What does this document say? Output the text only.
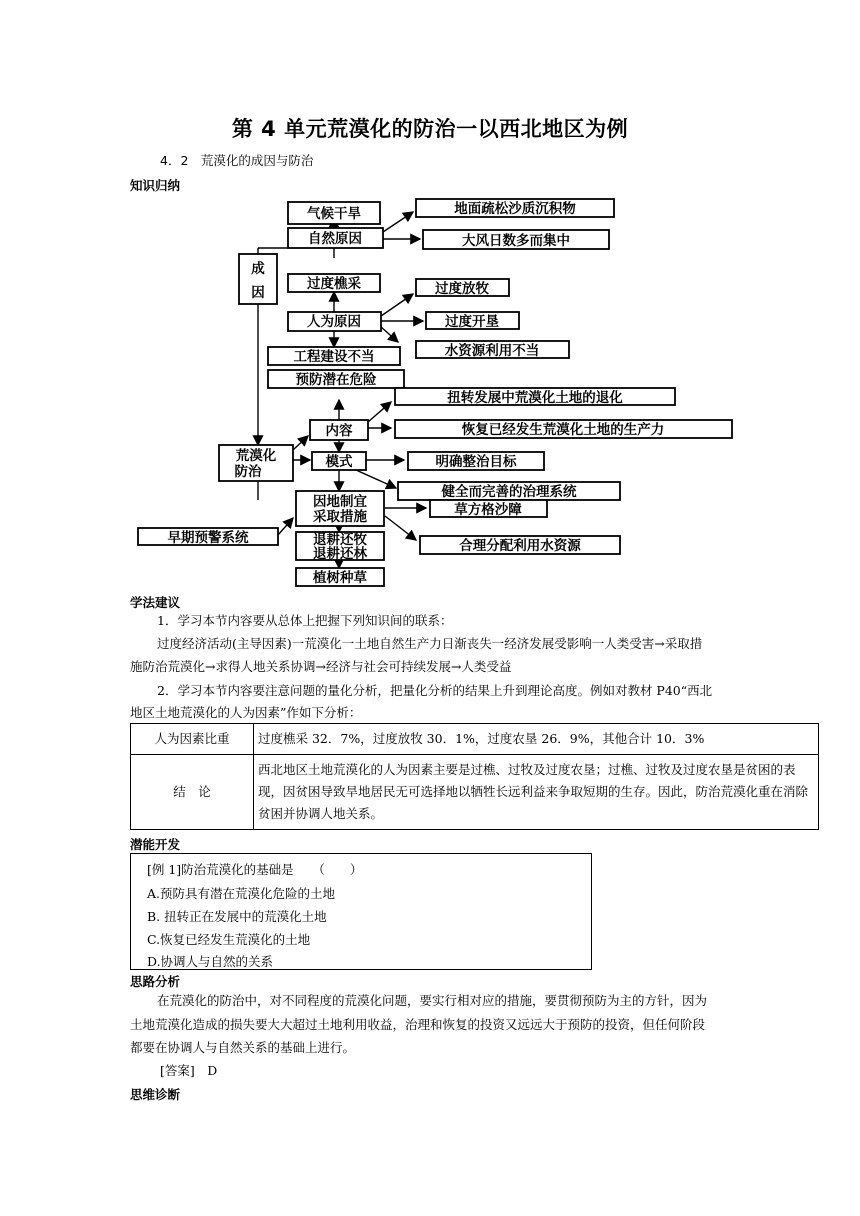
第 4 单元荒漠化的防治一以西北地区为例
4．2　荒漠化的成因与防治
知识归纳
气候干旱	地面疏松沙质沉积物
自然原因	大风日数多而集中
成
因
过度樵采	过度放牧
人为原因	过度开垦
水资源利用不当
工程建设不当
预防潜在危险
扭转发展中荒漠化土地的退化
内容	恢复已经发生荒漠化土地的生产力
荒漠化
防治
模式	明确整治目标
健全而完善的治理系统
因地制宜
采取措施	草方格沙障
早期预警系统	退耕还牧
退耕还林	合理分配利用水资源
植树种草
学法建议
1．学习本节内容要从总体上把握下列知识间的联系：
过度经济活动(主导因素)一荒漠化一土地自然生产力日渐丧失一经济发展受影响一人类受害→采取措
施防治荒漠化→求得人地关系协调→经济与社会可持续发展→人类受益
2．学习本节内容要注意问题的量化分析，把量化分析的结果上升到理论高度。例如对教材 P40“西北
地区土地荒漠化的人为因素”作如下分析：
人为因素比重	过度樵采 32．7%，过度放牧 30．1%，过度农垦 26．9%，其他合计 10．3%
结　论	西北地区土地荒漠化的人为因素主要是过樵、过牧及过度农垦；过樵、过牧及过度农垦是贫困的表现，因贫困导致旱地居民无可选择地以牺牲长远利益来争取短期的生存。因此，防治荒漠化重在消除贫困并协调人地关系。
潜能开发
[例 1]防治荒漠化的基础是　　（　　）
A.预防具有潜在荒漠化危险的土地
B. 扭转正在发展中的荒漠化土地
C.恢复已经发生荒漠化的土地
D.协调人与自然的关系
思路分析
在荒漠化的防治中，对不同程度的荒漠化问题，要实行相对应的措施，要贯彻预防为主的方针，因为
土地荒漠化造成的损失要大大超过土地利用收益，治理和恢复的投资又远远大于预防的投资，但任何阶段
都要在协调人与自然关系的基础上进行。
[答案]　D
思维诊断
